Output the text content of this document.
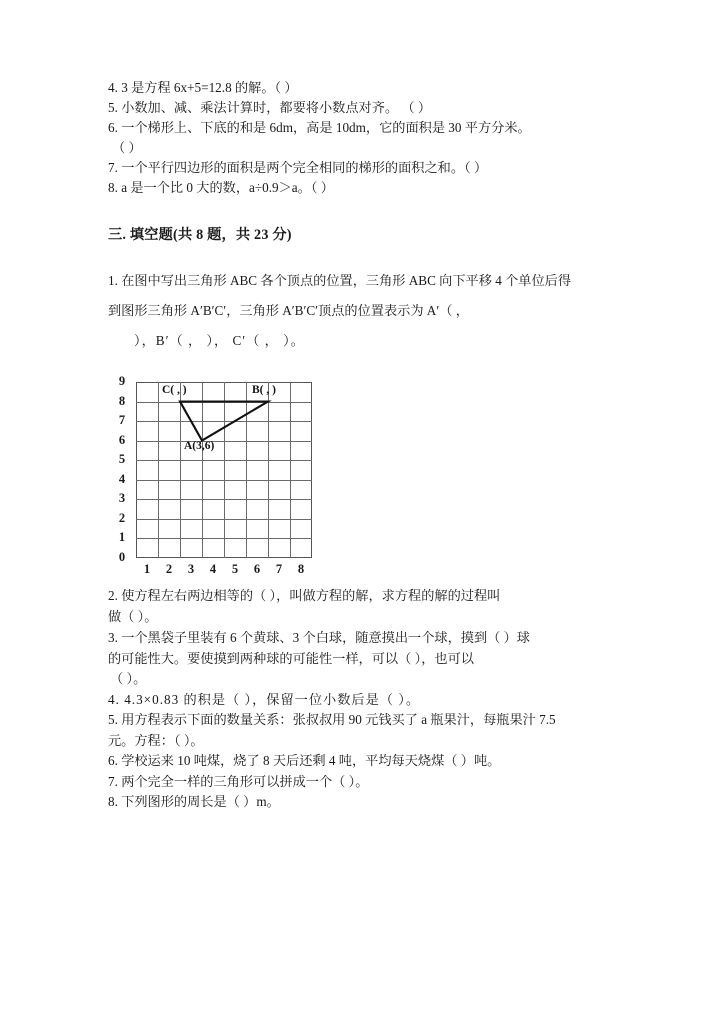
4. 3 是方程 6x+5=12.8 的解。（ ）
5. 小数加、减、乘法计算时，都要将小数点对齐。 （ ）
6. 一个梯形上、下底的和是 6dm，高是 10dm，它的面积是 30 平方分米。
（ ）
7. 一个平行四边形的面积是两个完全相同的梯形的面积之和。（ ）
8. a 是一个比 0 大的数，a÷0.9＞a。（ ）
三. 填空题(共 8 题，共 23 分)
1. 在图中写出三角形 ABC 各个顶点的位置，三角形 ABC 向下平移 4 个单位后得
到图形三角形 A′B′C′，三角形 A′B′C′顶点的位置表示为 A′（ ，
），B′（ ， ）， C′（ ， ）。
9
8
7
6
5
4
3
2
1
0
1	2	3	4	5	6	7	8
C( , )	B( , )
A(3,6)
2. 使方程左右两边相等的（ ），叫做方程的解，求方程的解的过程叫
做（ ）。
3. 一个黑袋子里装有 6 个黄球、3 个白球，随意摸出一个球，摸到（ ）球
的可能性大。要使摸到两种球的可能性一样，可以（ ），也可以
（ ）。
4. 4.3×0.83 的积是（ ），保留一位小数后是（ ）。
5. 用方程表示下面的数量关系：张叔叔用 90 元钱买了 a 瓶果汁，每瓶果汁 7.5
元。方程：（ ）。
6. 学校运来 10 吨煤，烧了 8 天后还剩 4 吨，平均每天烧煤（ ）吨。
7. 两个完全一样的三角形可以拼成一个（ ）。
8. 下列图形的周长是（ ）m。
